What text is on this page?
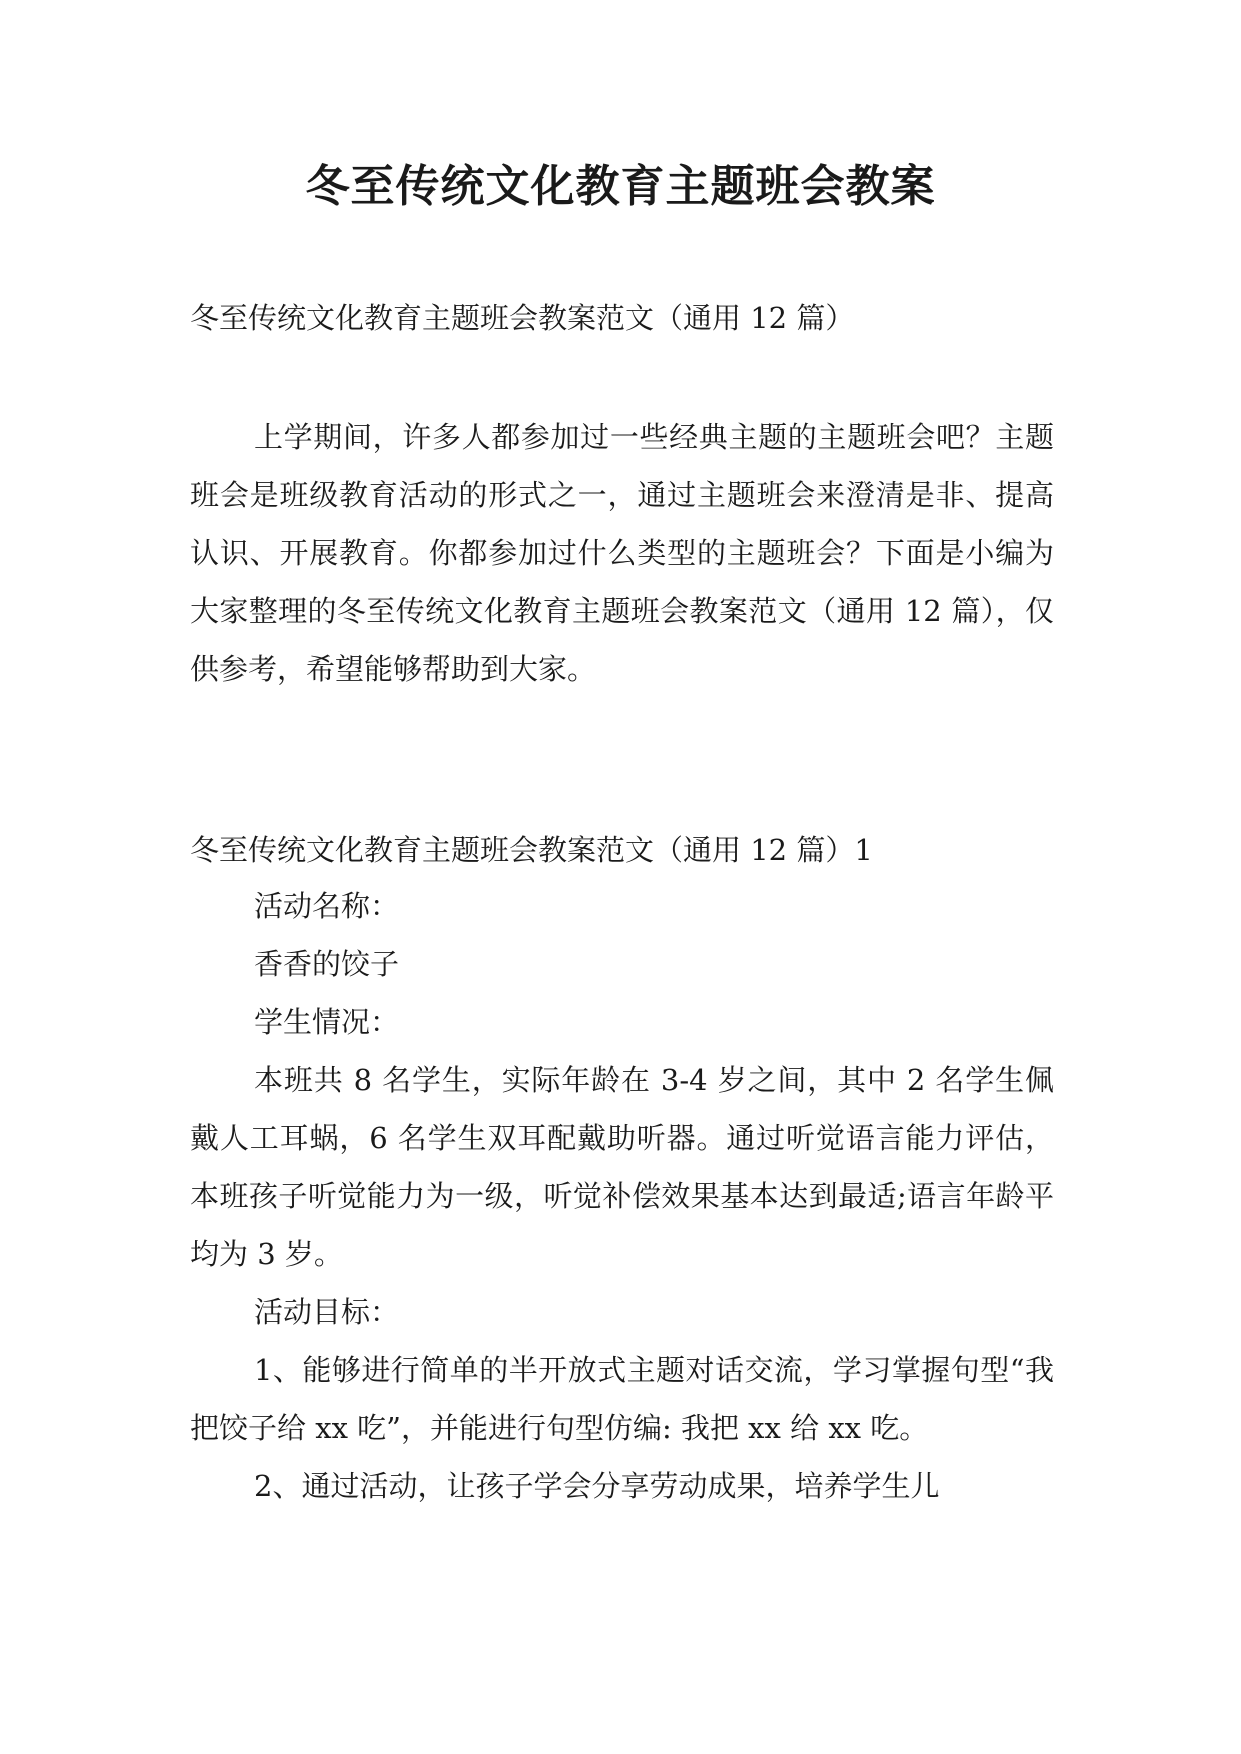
冬至传统文化教育主题班会教案

冬至传统文化教育主题班会教案范文（通用 12 篇）

上学期间，许多人都参加过一些经典主题的主题班会吧？主题班会是班级教育活动的形式之一，通过主题班会来澄清是非、提高认识、开展教育。你都参加过什么类型的主题班会？下面是小编为大家整理的冬至传统文化教育主题班会教案范文（通用 12 篇），仅供参考，希望能够帮助到大家。

冬至传统文化教育主题班会教案范文（通用 12 篇）1

活动名称：

香香的饺子

学生情况：

本班共 8 名学生，实际年龄在 3-4 岁之间，其中 2 名学生佩戴人工耳蜗，6 名学生双耳配戴助听器。通过听觉语言能力评估，本班孩子听觉能力为一级，听觉补偿效果基本达到最适;语言年龄平均为 3 岁。

活动目标：

1、能够进行简单的半开放式主题对话交流，学习掌握句型“我把饺子给 xx 吃”，并能进行句型仿编: 我把 xx 给 xx 吃。

2、通过活动，让孩子学会分享劳动成果，培养学生儿
